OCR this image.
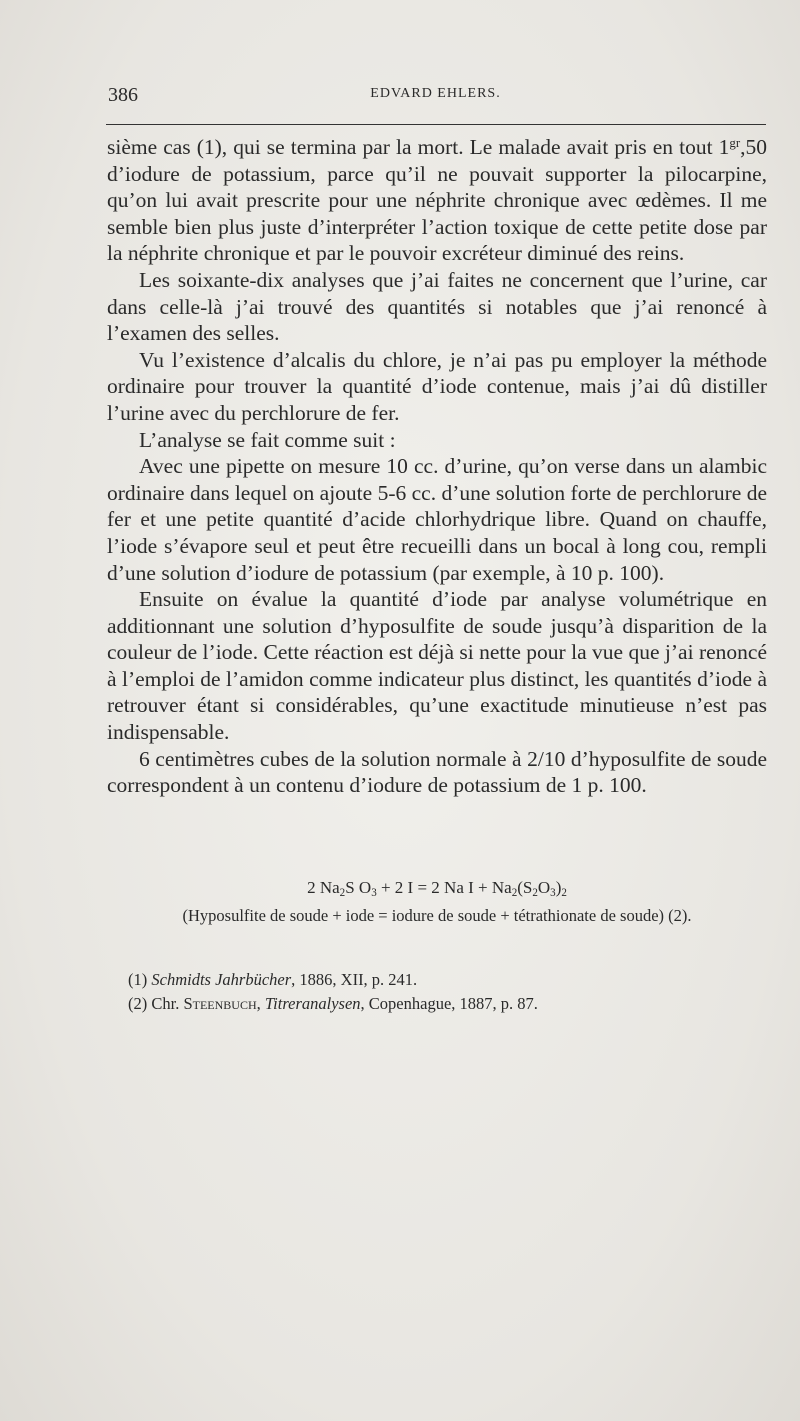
386	EDVARD EHLERS.

sième cas (1), qui se termina par la mort. Le malade avait pris en tout $1^{gr},50$ d’iodure de potassium, parce qu’il ne pouvait supporter la pilocarpine, qu’on lui avait prescrite pour une néphrite chronique avec œdèmes. Il me semble bien plus juste d’interpréter l’action toxique de cette petite dose par la néphrite chronique et par le pouvoir excréteur diminué des reins.

Les soixante-dix analyses que j’ai faites ne concernent que l’urine, car dans celle-là j’ai trouvé des quantités si notables que j’ai renoncé à l’examen des selles.

Vu l’existence d’alcalis du chlore, je n’ai pas pu employer la méthode ordinaire pour trouver la quantité d’iode contenue, mais j’ai dû distiller l’urine avec du perchlorure de fer.

L’analyse se fait comme suit :

Avec une pipette on mesure 10 cc. d’urine, qu’on verse dans un alambic ordinaire dans lequel on ajoute 5-6 cc. d’une solution forte de perchlorure de fer et une petite quantité d’acide chlorhydrique libre. Quand on chauffe, l’iode s’évapore seul et peut être recueilli dans un bocal à long cou, rempli d’une solution d’iodure de potassium (par exemple, à 10 p. 100).

Ensuite on évalue la quantité d’iode par analyse volumétrique en additionnant une solution d’hyposulfite de soude jusqu’à disparition de la couleur de l’iode. Cette réaction est déjà si nette pour la vue que j’ai renoncé à l’emploi de l’amidon comme indicateur plus distinct, les quantités d’iode à retrouver étant si considérables, qu’une exactitude minutieuse n’est pas indispensable.

6 centimètres cubes de la solution normale à 2/10 d’hyposulfite de soude correspondent à un contenu d’iodure de potassium de 1 p. 100.

2 $Na_2S$ $O_3 + 2$ I = 2 Na $I + Na_2(S_2O_3)_2$
(Hyposulfite de soude + iode = iodure de soude + tétrathionate de soude) (2).
(1) Schmidts Jahrbücher, 1886, XII, p. 241.
(2) Chr. Steenbuch, Titreranalysen, Copenhague, 1887, p. 87.
